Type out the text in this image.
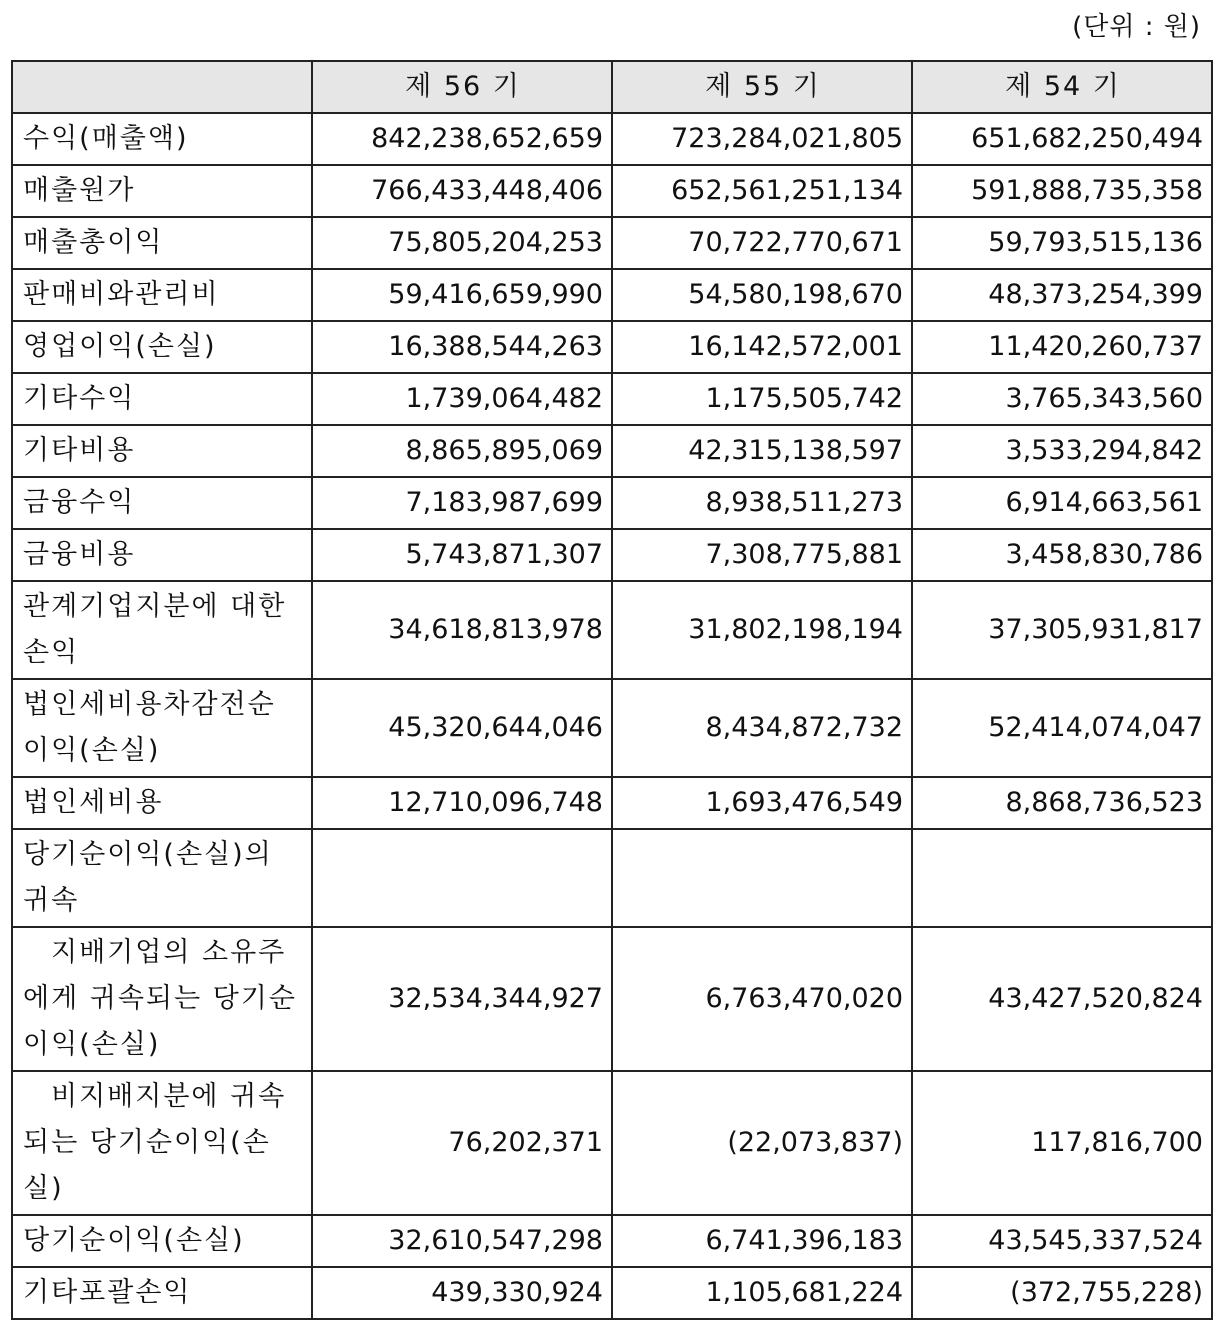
(단위 : 원)
	제 56 기	제 55 기	제 54 기
수익(매출액)	842,238,652,659	723,284,021,805	651,682,250,494
매출원가	766,433,448,406	652,561,251,134	591,888,735,358
매출총이익	75,805,204,253	70,722,770,671	59,793,515,136
판매비와관리비	59,416,659,990	54,580,198,670	48,373,254,399
영업이익(손실)	16,388,544,263	16,142,572,001	11,420,260,737
기타수익	1,739,064,482	1,175,505,742	3,765,343,560
기타비용	8,865,895,069	42,315,138,597	3,533,294,842
금융수익	7,183,987,699	8,938,511,273	6,914,663,561
금융비용	5,743,871,307	7,308,775,881	3,458,830,786
관계기업지분에 대한 손익	34,618,813,978	31,802,198,194	37,305,931,817
법인세비용차감전순이익(손실)	45,320,644,046	8,434,872,732	52,414,074,047
법인세비용	12,710,096,748	1,693,476,549	8,868,736,523
당기순이익(손실)의 귀속			
지배기업의 소유주에게 귀속되는 당기순이익(손실)	32,534,344,927	6,763,470,020	43,427,520,824
비지배지분에 귀속되는 당기순이익(손실)	76,202,371	(22,073,837)	117,816,700
당기순이익(손실)	32,610,547,298	6,741,396,183	43,545,337,524
기타포괄손익	439,330,924	1,105,681,224	(372,755,228)
